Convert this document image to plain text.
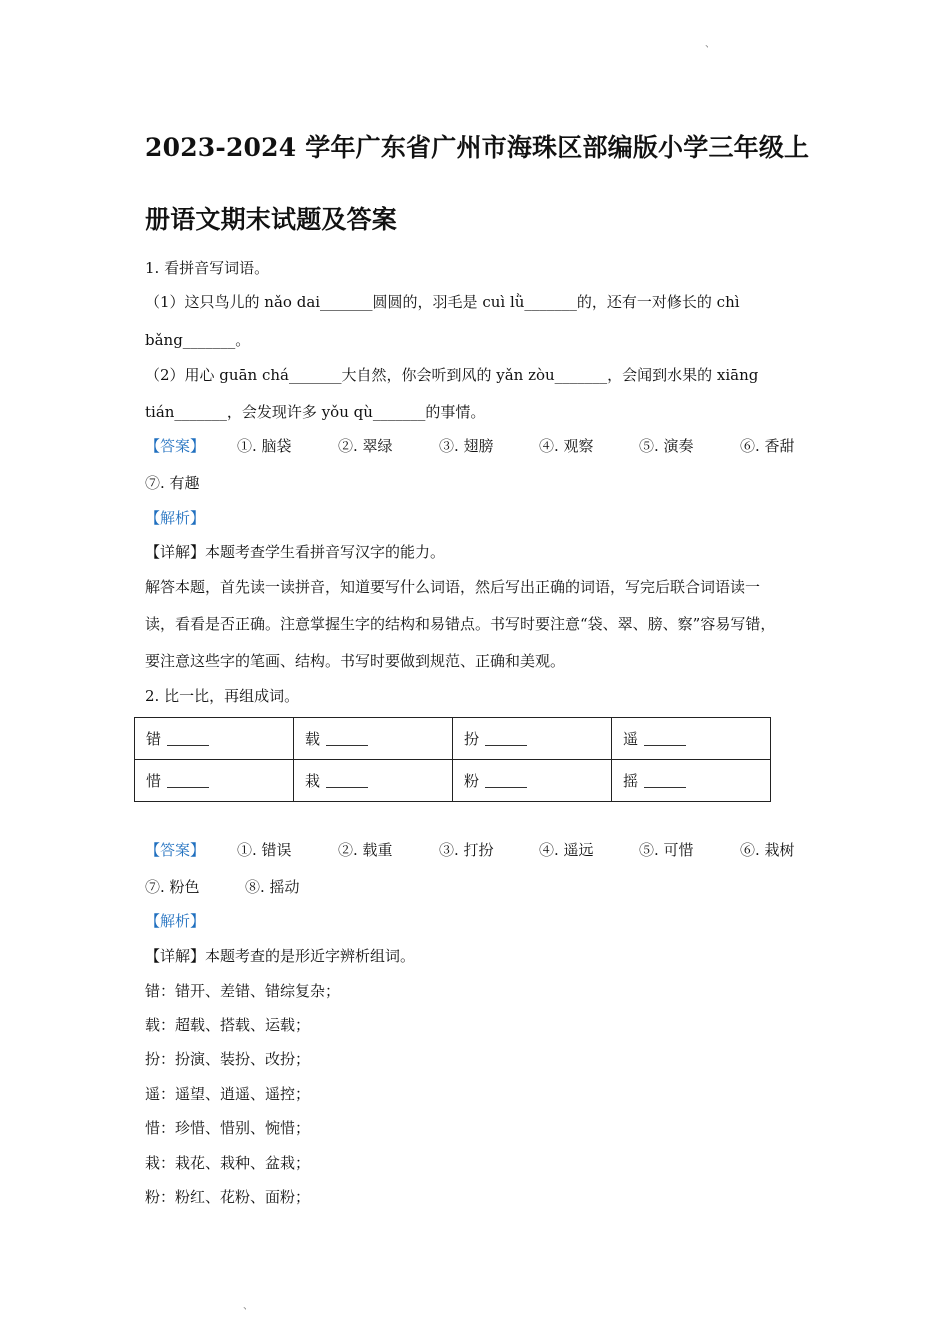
、
2023-2024 学年广东省广州市海珠区部编版小学三年级上
册语文期末试题及答案
1. 看拼音写词语。
（1）这只鸟儿的 nǎo dai_______圆圆的，羽毛是 cuì lǜ_______的，还有一对修长的 chì
bǎng_______。
（2）用心 guān chá_______大自然，你会听到风的 yǎn zòu_______，会闻到水果的 xiāng
tián_______，会发现许多 yǒu qù_______的事情。
【答案】 ①. 脑袋	②. 翠绿	③. 翅膀	④. 观察	⑤. 演奏	⑥. 香甜
⑦. 有趣
【解析】
【详解】本题考查学生看拼音写汉字的能力。
解答本题，首先读一读拼音，知道要写什么词语，然后写出正确的词语，写完后联合词语读一
读，看看是否正确。注意掌握生字的结构和易错点。书写时要注意“袋、翠、膀、察”容易写错，
要注意这些字的笔画、结构。书写时要做到规范、正确和美观。
2. 比一比，再组成词。
错	载	扮	遥
惜	栽	粉	摇
【答案】 ①. 错误	②. 载重	③. 打扮	④. 遥远	⑤. 可惜	⑥. 栽树
⑦. 粉色	⑧. 摇动
【解析】
【详解】本题考查的是形近字辨析组词。
错：错开、差错、错综复杂；
载：超载、搭载、运载；
扮：扮演、装扮、改扮；
遥：遥望、逍遥、遥控；
惜：珍惜、惜别、惋惜；
栽：栽花、栽种、盆栽；
粉：粉红、花粉、面粉；
、
